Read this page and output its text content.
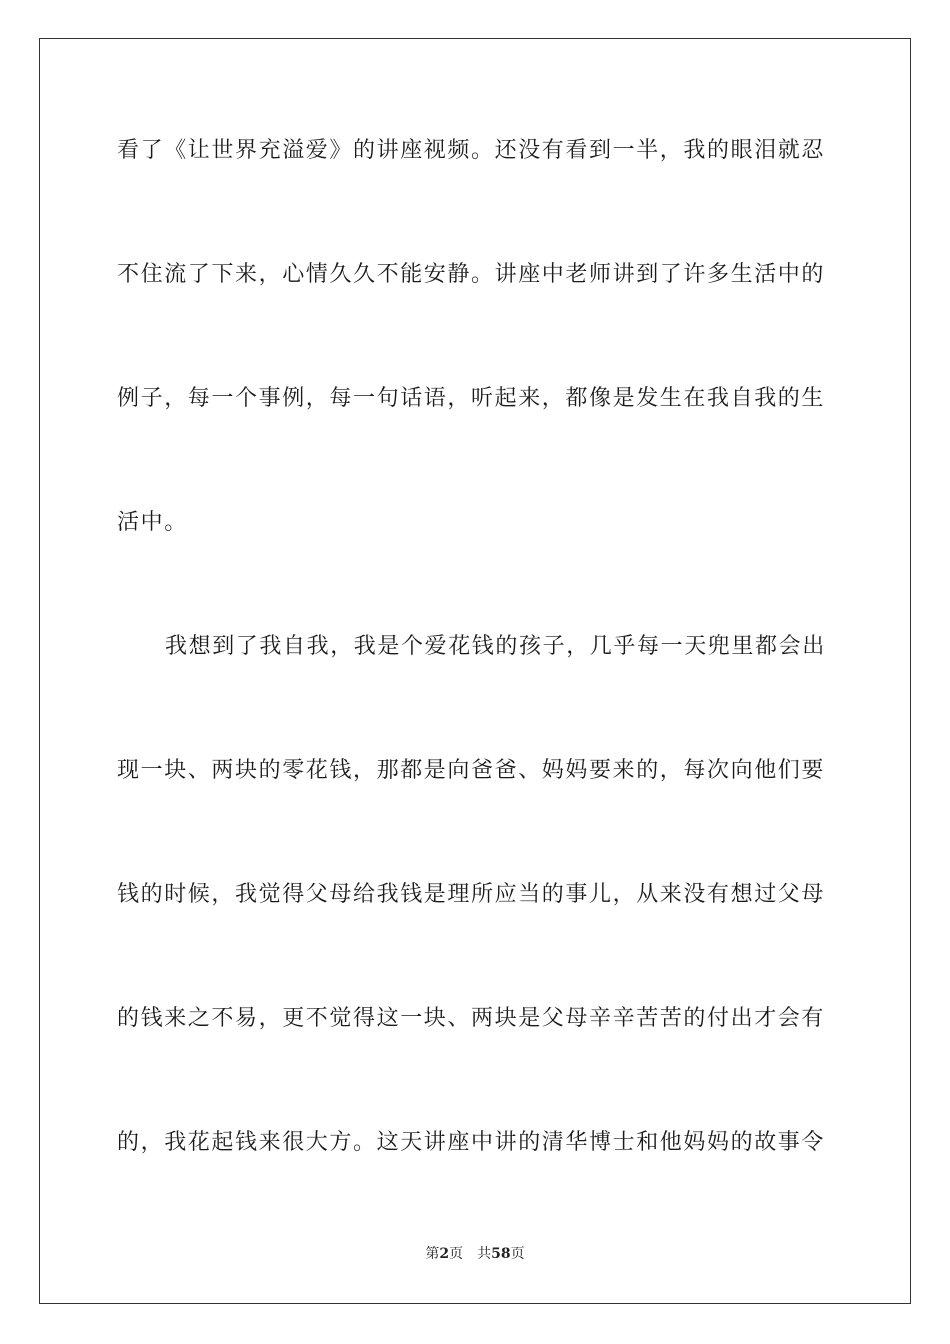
看了《让世界充溢爱》的讲座视频。还没有看到一半，我的眼泪就忍
不住流了下来，心情久久不能安静。讲座中老师讲到了许多生活中的
例子，每一个事例，每一句话语，听起来，都像是发生在我自我的生
活中。
我想到了我自我，我是个爱花钱的孩子，几乎每一天兜里都会出
现一块、两块的零花钱，那都是向爸爸、妈妈要来的，每次向他们要
钱的时候，我觉得父母给我钱是理所应当的事儿，从来没有想过父母
的钱来之不易，更不觉得这一块、两块是父母辛辛苦苦的付出才会有
的，我花起钱来很大方。这天讲座中讲的清华博士和他妈妈的故事令
第2页 共58页
